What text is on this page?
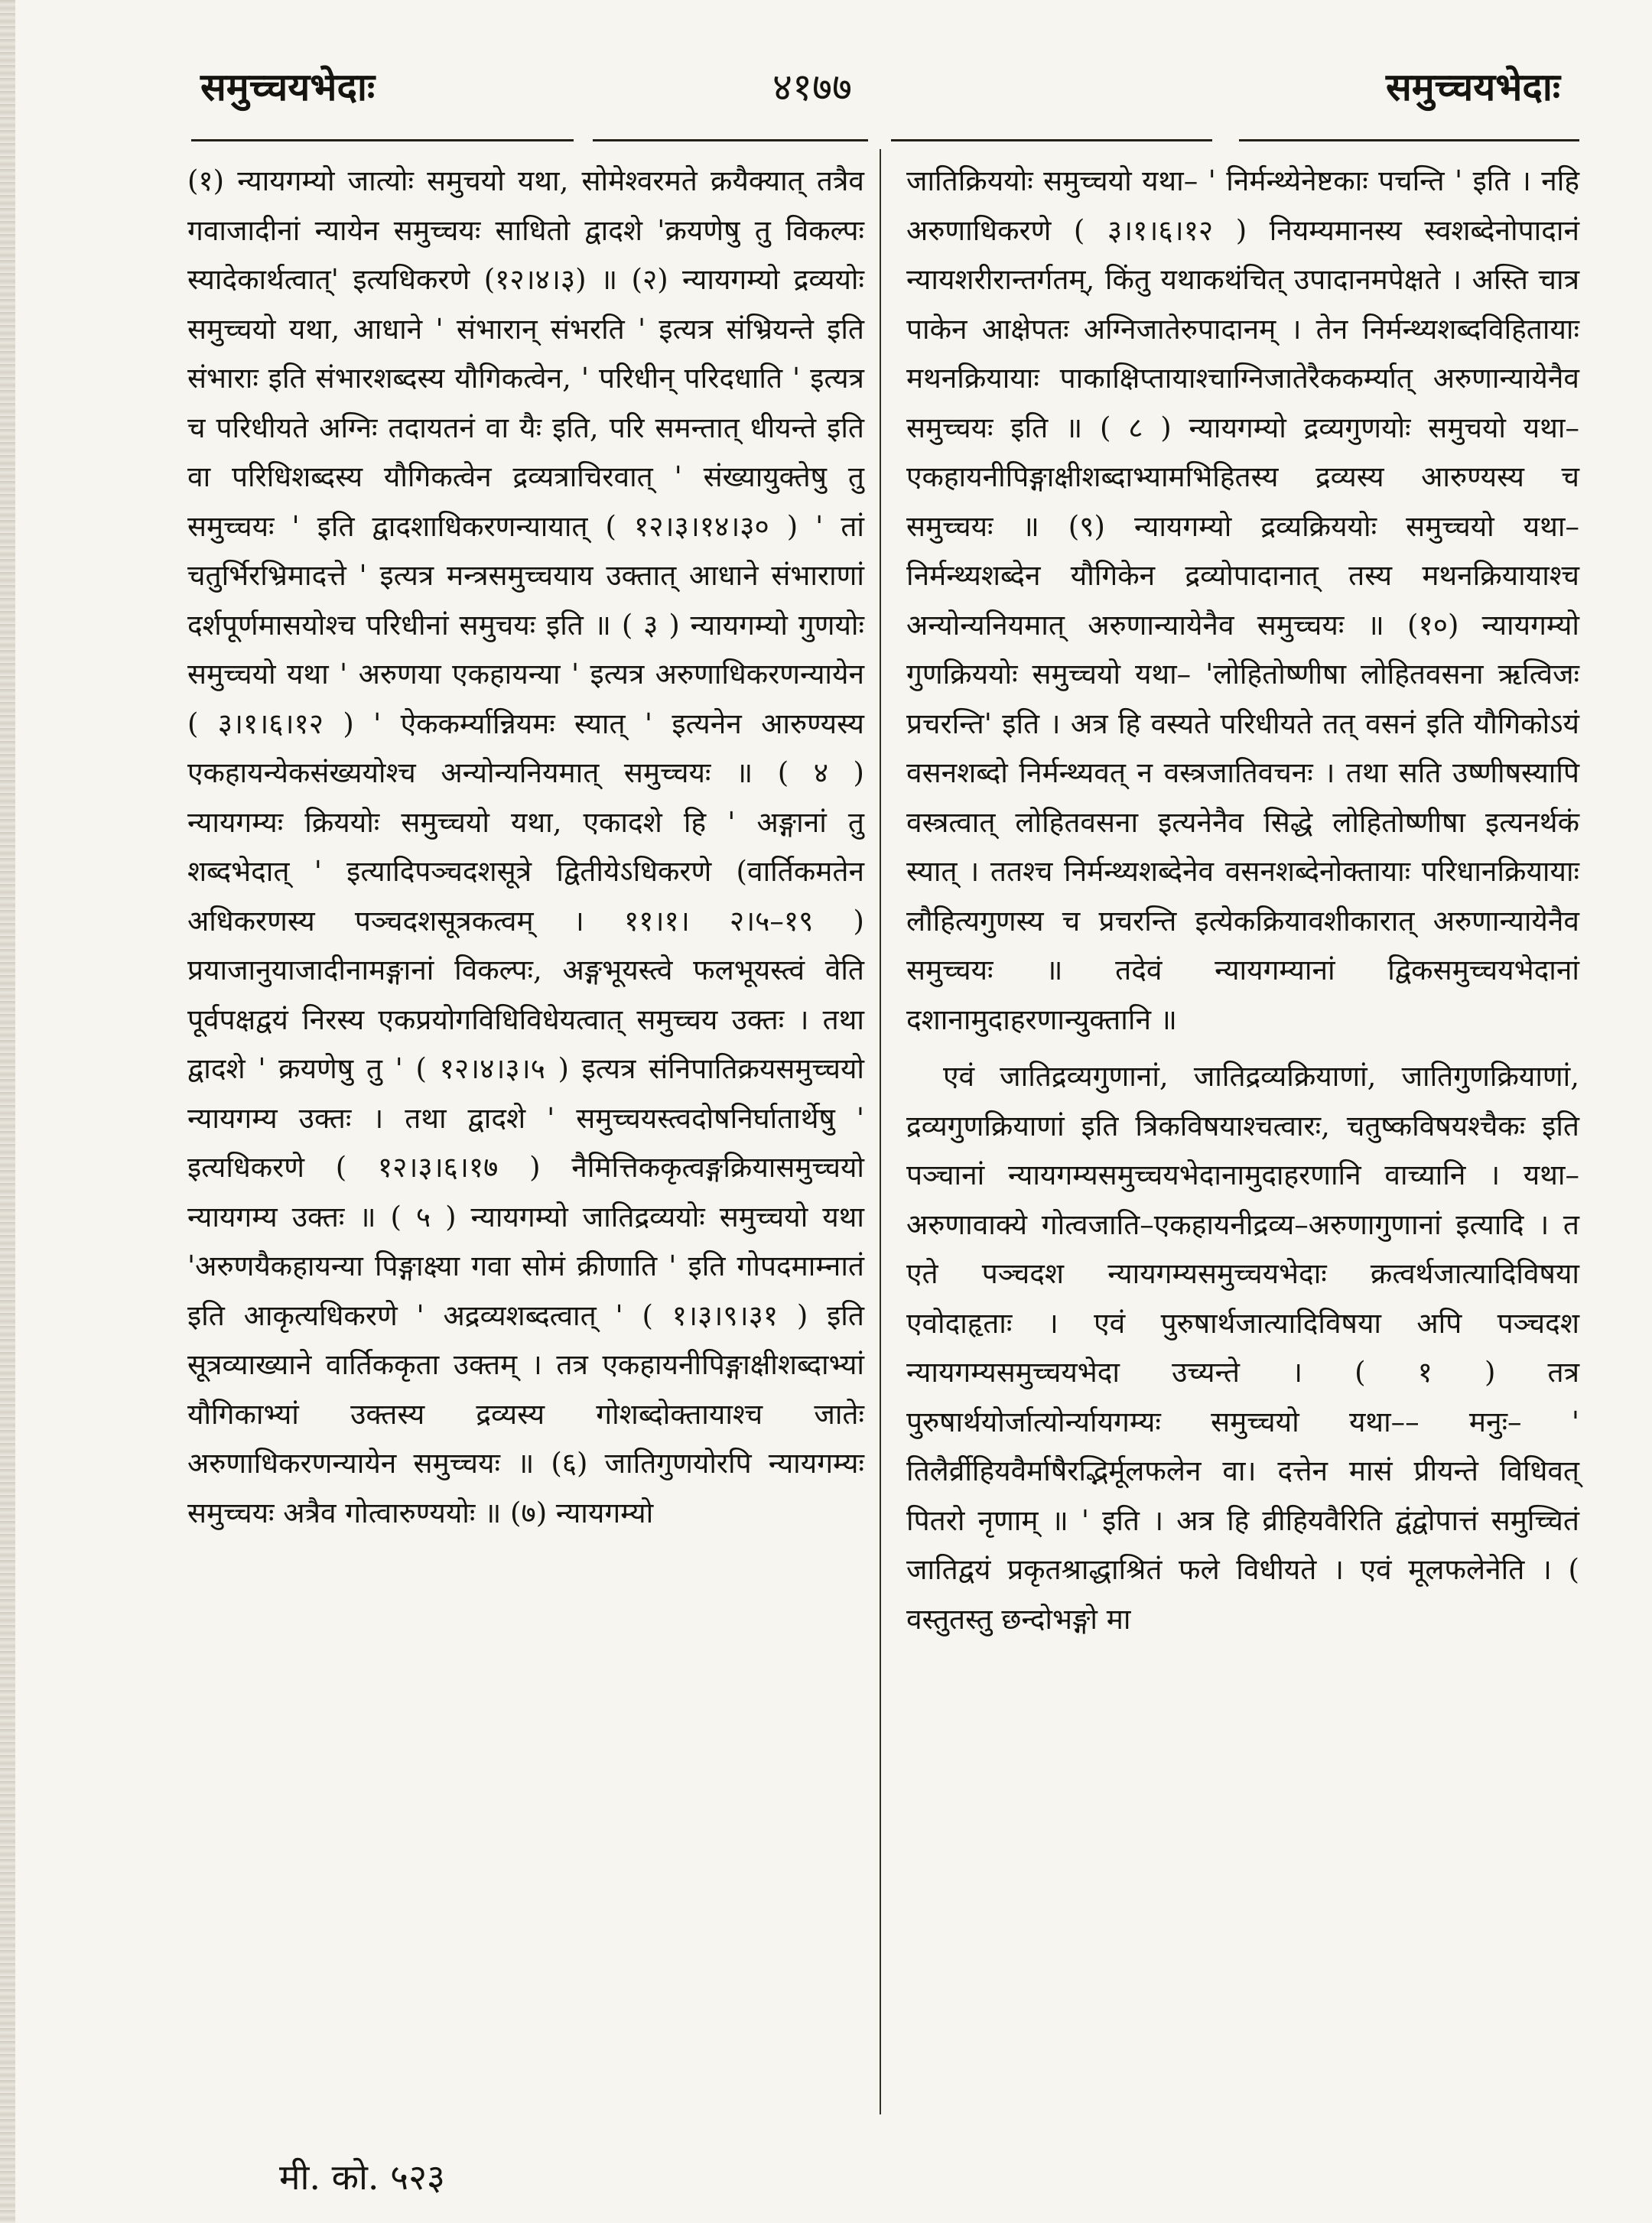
समुच्चयभेदाः	४१७७	समुच्चयभेदाः

(१) न्यायगम्यो जात्योः समुचयो यथा, सोमेश्वरमते क्रयैक्यात् तत्रैव गवाजादीनां न्यायेन समुच्चयः साधितो द्वादशे 'क्रयणेषु तु विकल्पः स्यादेकार्थत्वात्' इत्यधिकरणे (१२।४।३) ॥ (२) न्यायगम्यो द्रव्ययोः समुच्चयो यथा, आधाने ' संभारान् संभरति ' इत्यत्र संभ्रियन्ते इति संभाराः इति संभारशब्दस्य यौगिकत्वेन, ' परिधीन् परिदधाति ' इत्यत्र च परिधीयते अग्निः तदायतनं वा यैः इति, परि समन्तात् धीयन्ते इति वा परिधिशब्दस्य यौगिकत्वेन द्रव्यत्राचिरवात् ' संख्यायुक्तेषु तु समुच्चयः ' इति द्वादशाधिकरणन्यायात् ( १२।३।१४।३० ) ' तां चतुर्भिरभ्रिमादत्ते ' इत्यत्र मन्त्रसमुच्चयाय उक्तात् आधाने संभाराणां दर्शपूर्णमासयोश्च परिधीनां समुचयः इति ॥ ( ३ ) न्यायगम्यो गुणयोः समुच्चयो यथा ' अरुणया एकहायन्या ' इत्यत्र अरुणाधिकरणन्यायेन ( ३।१।६।१२ ) ' ऐककर्म्यान्नियमः स्यात् ' इत्यनेन आरुण्यस्य एकहायन्येकसंख्ययोश्च अन्योन्यनियमात् समुच्चयः ॥ ( ४ ) न्यायगम्यः क्रिययोः समुच्चयो यथा, एकादशे हि ' अङ्गानां तु शब्दभेदात् ' इत्यादिपञ्चदशसूत्रे द्वितीयेऽधिकरणे (वार्तिकमतेन अधिकरणस्य पञ्चदशसूत्रकत्वम् । ११।१। २।५–१९ ) प्रयाजानुयाजादीनामङ्गानां विकल्पः, अङ्गभूयस्त्वे फलभूयस्त्वं वेति पूर्वपक्षद्वयं निरस्य एकप्रयोगविधिविधेयत्वात् समुच्चय उक्तः । तथा द्वादशे ' क्रयणेषु तु ' ( १२।४।३।५ ) इत्यत्र संनिपातिक्रयसमुच्चयो न्यायगम्य उक्तः । तथा द्वादशे ' समुच्चयस्त्वदोषनिर्घातार्थेषु ' इत्यधिकरणे ( १२।३।६।१७ ) नैमित्तिककृत्वङ्गक्रियासमुच्चयो न्यायगम्य उक्तः ॥ ( ५ ) न्यायगम्यो जातिद्रव्ययोः समुच्चयो यथा 'अरुणयैकहायन्या पिङ्गाक्ष्या गवा सोमं क्रीणाति ' इति गोपदमाम्नातं इति आकृत्यधिकरणे ' अद्रव्यशब्दत्वात् ' ( १।३।९।३१ ) इति सूत्रव्याख्याने वार्तिककृता उक्तम् । तत्र एकहायनीपिङ्गाक्षीशब्दाभ्यां यौगिकाभ्यां उक्तस्य द्रव्यस्य गोशब्दोक्तायाश्च जातेः अरुणाधिकरणन्यायेन समुच्चयः ॥ (६) जातिगुणयोरपि न्यायगम्यः समुच्चयः अत्रैव गोत्वारुण्ययोः ॥ (७) न्यायगम्यो

जातिक्रिययोः समुच्चयो यथा– ' निर्मन्थ्येनेष्टकाः पचन्ति ' इति । नहि अरुणाधिकरणे ( ३।१।६।१२ ) नियम्यमानस्य स्वशब्देनोपादानं न्यायशरीरान्तर्गतम्, किंतु यथाकथंचित् उपादानमपेक्षते । अस्ति चात्र पाकेन आक्षेपतः अग्निजातेरुपादानम् । तेन निर्मन्थ्यशब्दविहितायाः मथनक्रियायाः पाकाक्षिप्तायाश्चाग्निजातेरैककर्म्यात् अरुणान्यायेनैव समुच्चयः इति ॥ ( ८ ) न्यायगम्यो द्रव्यगुणयोः समुचयो यथा– एकहायनीपिङ्गाक्षीशब्दाभ्यामभिहितस्य द्रव्यस्य आरुण्यस्य च समुच्चयः ॥ (९) न्यायगम्यो द्रव्यक्रिययोः समुच्चयो यथा– निर्मन्थ्यशब्देन यौगिकेन द्रव्योपादानात् तस्य मथनक्रियायाश्च अन्योन्यनियमात् अरुणान्यायेनैव समुच्चयः ॥ (१०) न्यायगम्यो गुणक्रिययोः समुच्चयो यथा– 'लोहितोष्णीषा लोहितवसना ऋत्विजः प्रचरन्ति' इति । अत्र हि वस्यते परिधीयते तत् वसनं इति यौगिकोऽयं वसनशब्दो निर्मन्थ्यवत् न वस्त्रजातिवचनः । तथा सति उष्णीषस्यापि वस्त्रत्वात् लोहितवसना इत्यनेनैव सिद्धे लोहितोष्णीषा इत्यनर्थकं स्यात् । ततश्च निर्मन्थ्यशब्देनेव वसनशब्देनोक्तायाः परिधानक्रियायाः लौहित्यगुणस्य च प्रचरन्ति इत्येकक्रियावशीकारात् अरुणान्यायेनैव समुच्चयः ॥ तदेवं न्यायगम्यानां द्विकसमुच्चयभेदानां दशानामुदाहरणान्युक्तानि ॥

एवं जातिद्रव्यगुणानां, जातिद्रव्यक्रियाणां, जातिगुणक्रियाणां, द्रव्यगुणक्रियाणां इति त्रिकविषयाश्चत्वारः, चतुष्कविषयश्चैकः इति पञ्चानां न्यायगम्यसमुच्चयभेदानामुदाहरणानि वाच्यानि । यथा– अरुणावाक्ये गोत्वजाति–एकहायनीद्रव्य–अरुणागुणानां इत्यादि । त एते पञ्चदश न्यायगम्यसमुच्चयभेदाः क्रत्वर्थजात्यादिविषया एवोदाहृताः । एवं पुरुषार्थजात्यादिविषया अपि पञ्चदश न्यायगम्यसमुच्चयभेदा उच्यन्ते । ( १ ) तत्र पुरुषार्थयोर्जात्योर्न्यायगम्यः समुच्चयो यथा–– मनुः– ' तिलैर्व्रीहियवैर्माषैरद्भिर्मूलफलेन वा। दत्तेन मासं प्रीयन्ते विधिवत् पितरो नृणाम् ॥ ' इति । अत्र हि व्रीहियवैरिति द्वंद्वोपात्तं समुच्चितं जातिद्वयं प्रकृतश्राद्धाश्रितं फले विधीयते । एवं मूलफलेनेति । ( वस्तुतस्तु छन्दोभङ्गो मा

मी. को. ५२३
